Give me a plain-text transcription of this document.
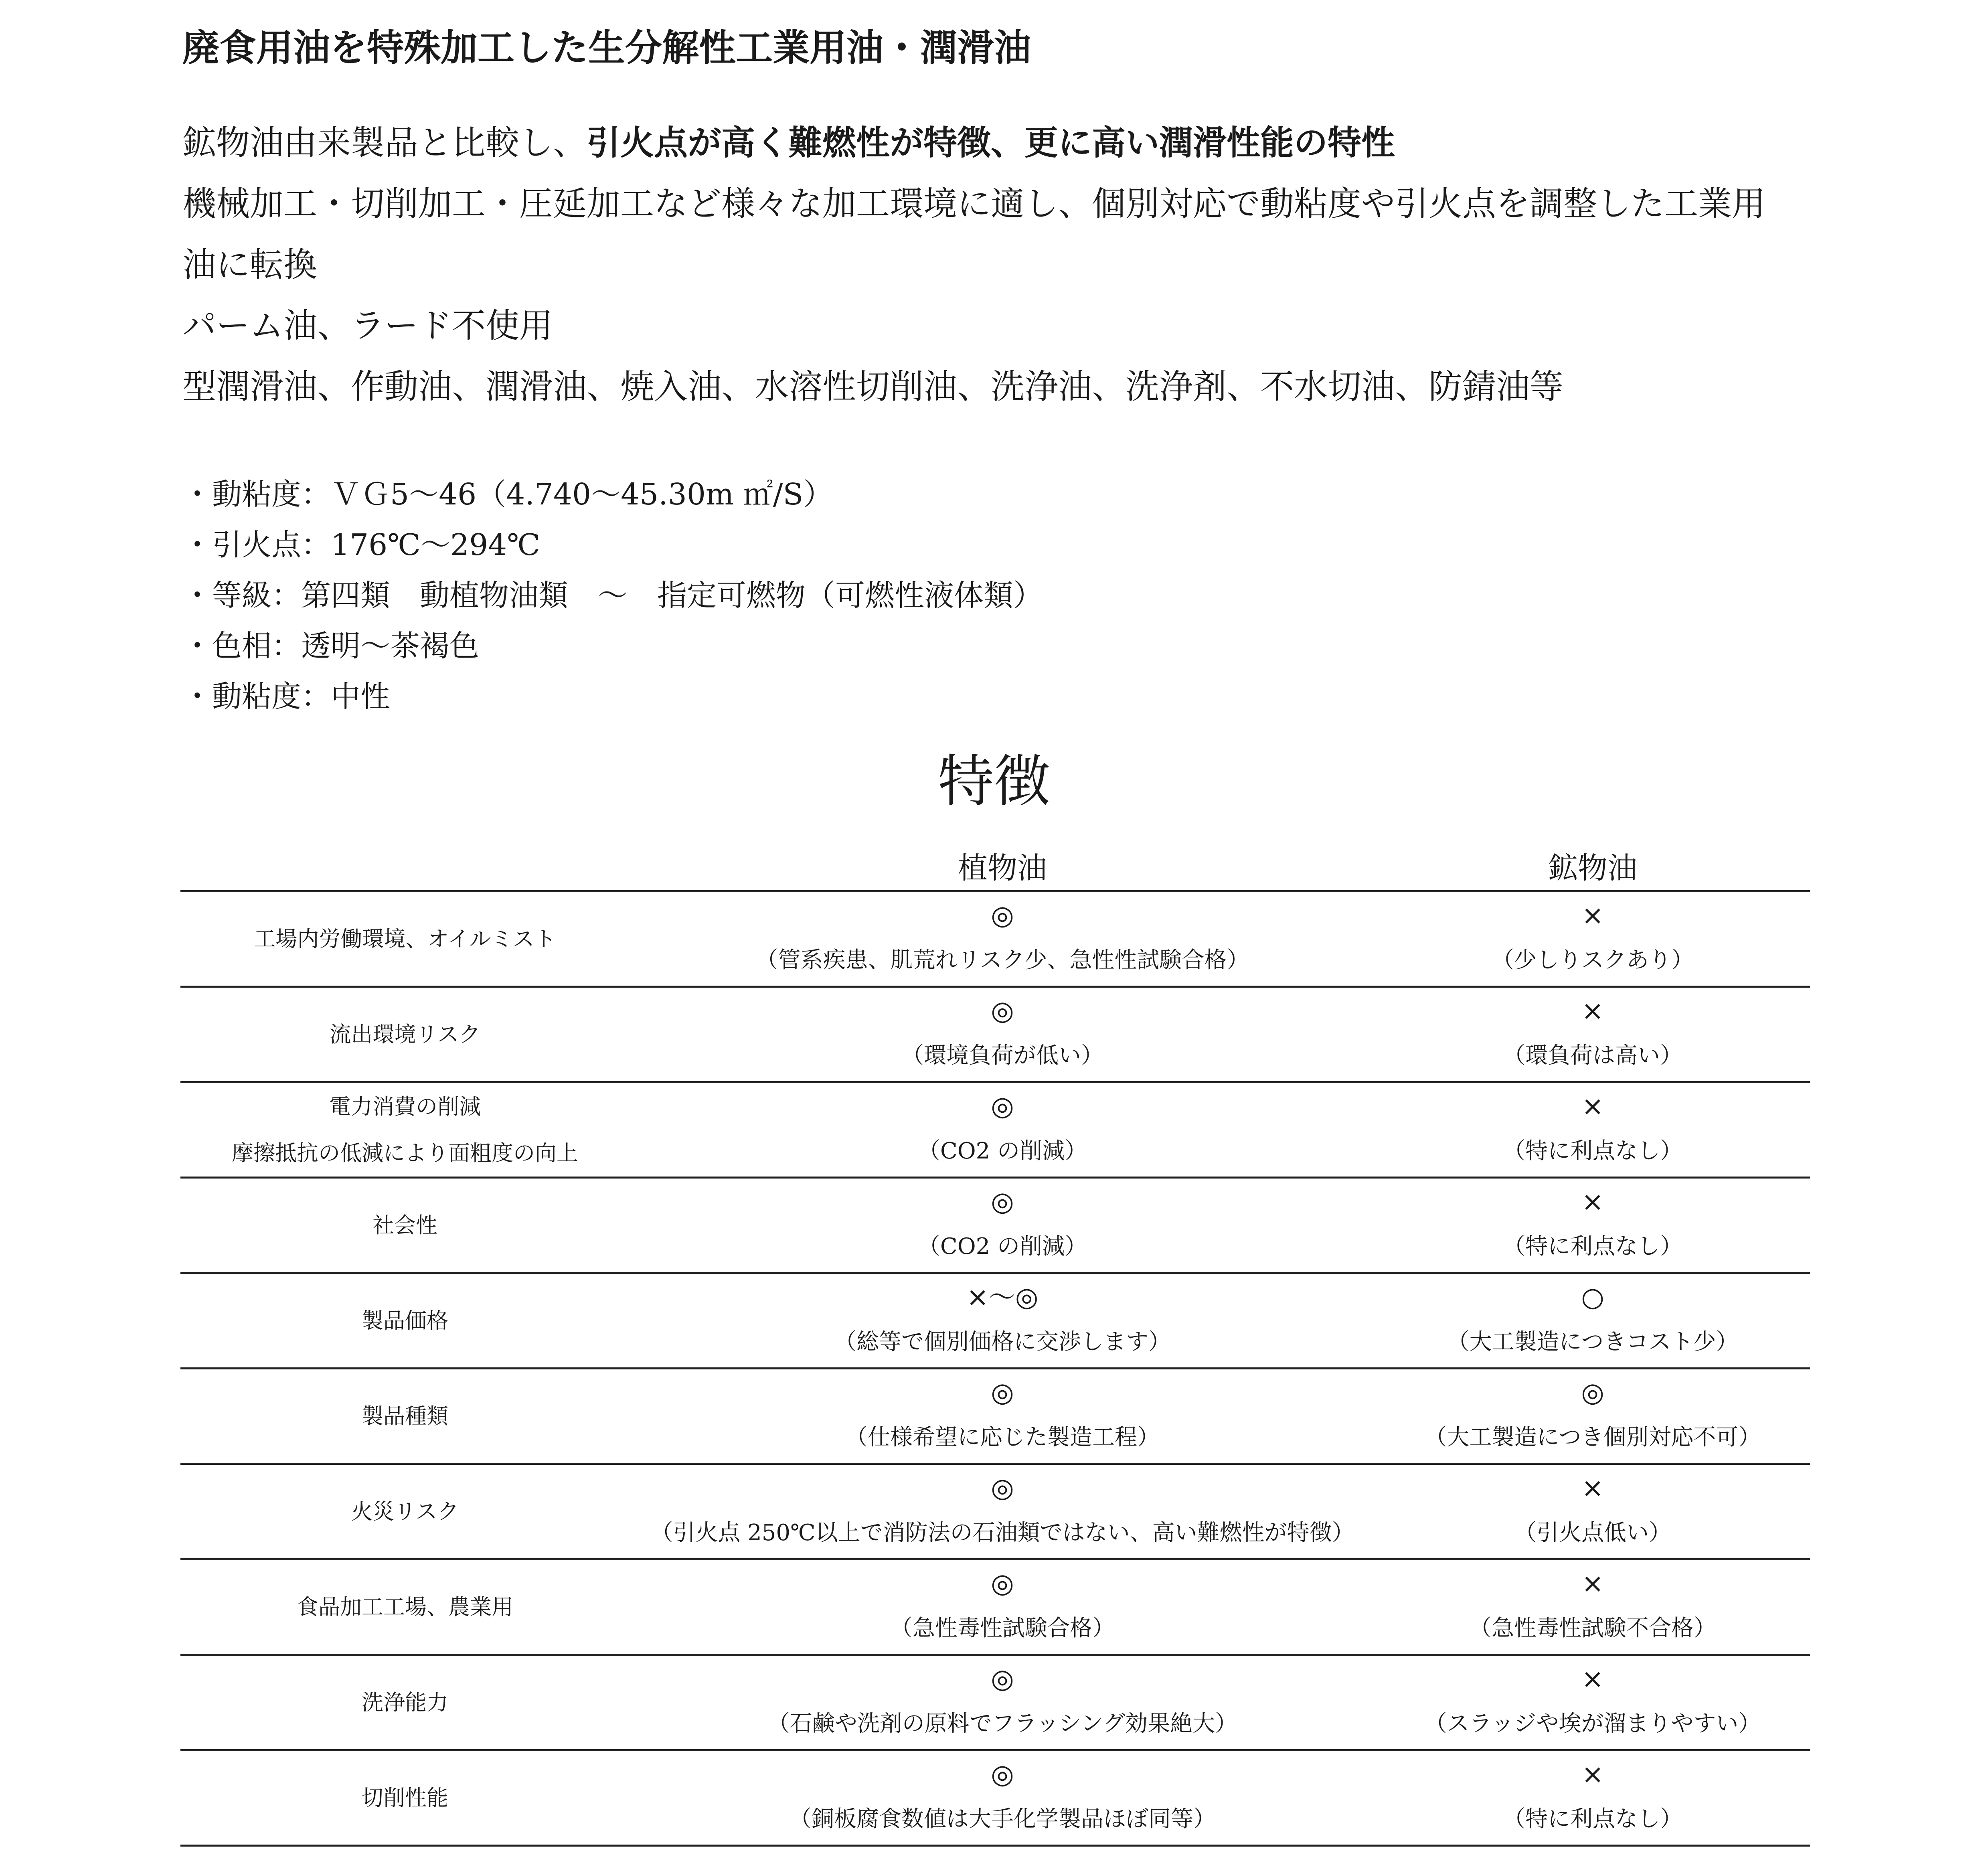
廃食用油を特殊加工した生分解性工業用油・潤滑油
鉱物油由来製品と比較し、引火点が高く難燃性が特徴、更に高い潤滑性能の特性
機械加工・切削加工・圧延加工など様々な加工環境に適し、個別対応で動粘度や引火点を調整した工業用
油に転換
パーム油、ラード不使用
型潤滑油、作動油、潤滑油、焼入油、水溶性切削油、洗浄油、洗浄剤、不水切油、防錆油等
・動粘度：ＶＧ5～46（4.740～45.30m ㎡/S）
・引火点：176℃～294℃
・等級：第四類　動植物油類　～　指定可燃物（可燃性液体類）
・色相：透明～茶褐色
・動粘度：中性
特徴
植物油	鉱物油
工場内労働環境、オイルミスト
◎
（管系疾患、肌荒れリスク少、急性性試験合格）
×
（少しりスクあり）
流出環境リスク
◎
（環境負荷が低い）
×
（環負荷は高い）
電力消費の削減
摩擦抵抗の低減により面粗度の向上
◎
（CO2 の削減）
×
（特に利点なし）
社会性
◎
（CO2 の削減）
×
（特に利点なし）
製品価格
×～◎
（総等で個別価格に交渉します）
○
（大工製造につきコスト少）
製品種類
◎
（仕様希望に応じた製造工程）
◎
（大工製造につき個別対応不可）
火災リスク
◎
（引火点 250℃以上で消防法の石油類ではない、高い難燃性が特徴）
×
（引火点低い）
食品加工工場、農業用
◎
（急性毒性試験合格）
×
（急性毒性試験不合格）
洗浄能力
◎
（石鹸や洗剤の原料でフラッシング効果絶大）
×
（スラッジや埃が溜まりやすい）
切削性能
◎
（銅板腐食数値は大手化学製品ほぼ同等）
×
（特に利点なし）
